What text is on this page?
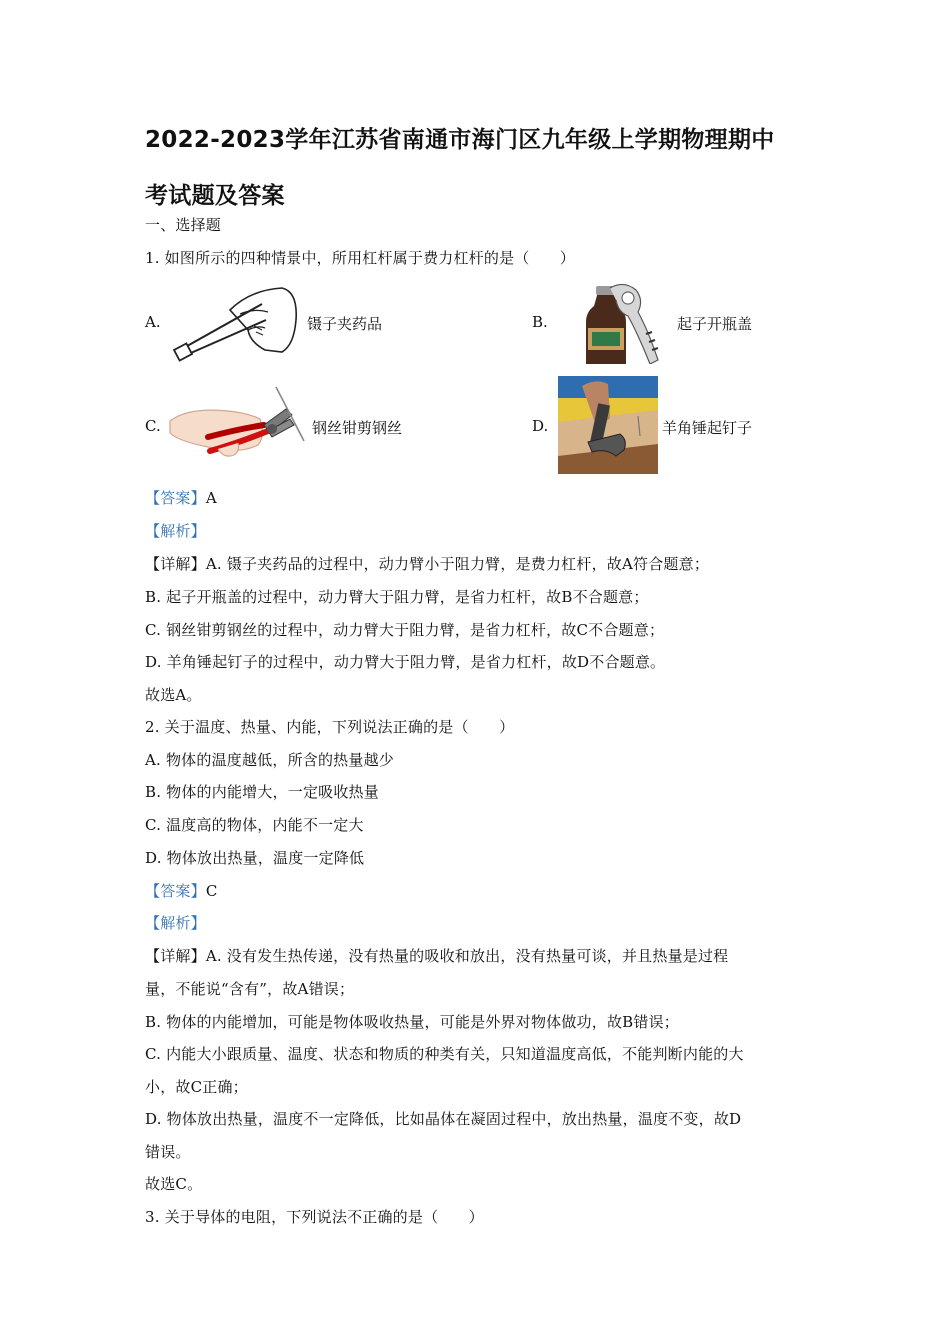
2022-2023学年江苏省南通市海门区九年级上学期物理期中
考试题及答案
一、选择题
1. 如图所示的四种情景中，所用杠杆属于费力杠杆的是（　　）
A.	镊子夹药品	B.	起子开瓶盖
C.	钢丝钳剪钢丝	D.	羊角锤起钉子
【答案】A
【解析】
【详解】A. 镊子夹药品的过程中，动力臂小于阻力臂，是费力杠杆，故A符合题意；
B. 起子开瓶盖的过程中，动力臂大于阻力臂，是省力杠杆，故B不合题意；
C. 钢丝钳剪钢丝的过程中，动力臂大于阻力臂，是省力杠杆，故C不合题意；
D. 羊角锤起钉子的过程中，动力臂大于阻力臂，是省力杠杆，故D不合题意。
故选A。
2. 关于温度、热量、内能，下列说法正确的是（　　）
A. 物体的温度越低，所含的热量越少
B. 物体的内能增大，一定吸收热量
C. 温度高的物体，内能不一定大
D. 物体放出热量，温度一定降低
【答案】C
【解析】
【详解】A. 没有发生热传递，没有热量的吸收和放出，没有热量可谈，并且热量是过程
量，不能说“含有”，故A错误；
B. 物体的内能增加，可能是物体吸收热量，可能是外界对物体做功，故B错误；
C. 内能大小跟质量、温度、状态和物质的种类有关，只知道温度高低，不能判断内能的大
小，故C正确；
D. 物体放出热量，温度不一定降低，比如晶体在凝固过程中，放出热量，温度不变，故D
错误。
故选C。
3. 关于导体的电阻，下列说法不正确的是（　　）
